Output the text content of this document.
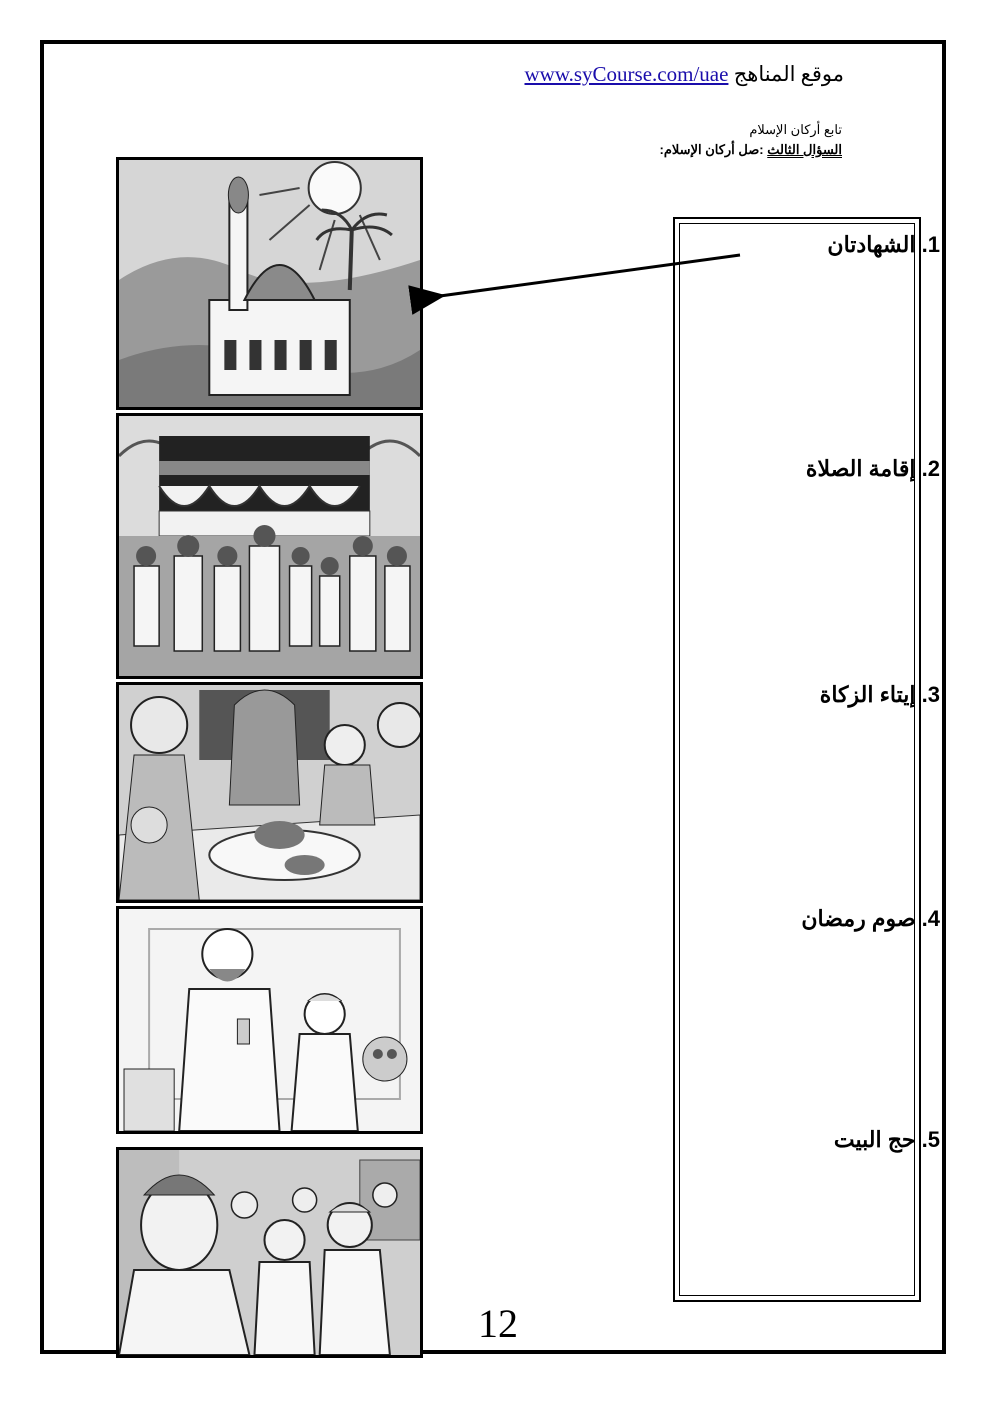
موقع المناهج www.syCourse.com/uae
تابع أركان الإسلام
السؤال الثالث :صل أركان الإسلام:
1. الشهادتان
2. إقامة الصلاة
3. إيتاء الزكاة
4. صوم رمضان
5. حج البيت
12
